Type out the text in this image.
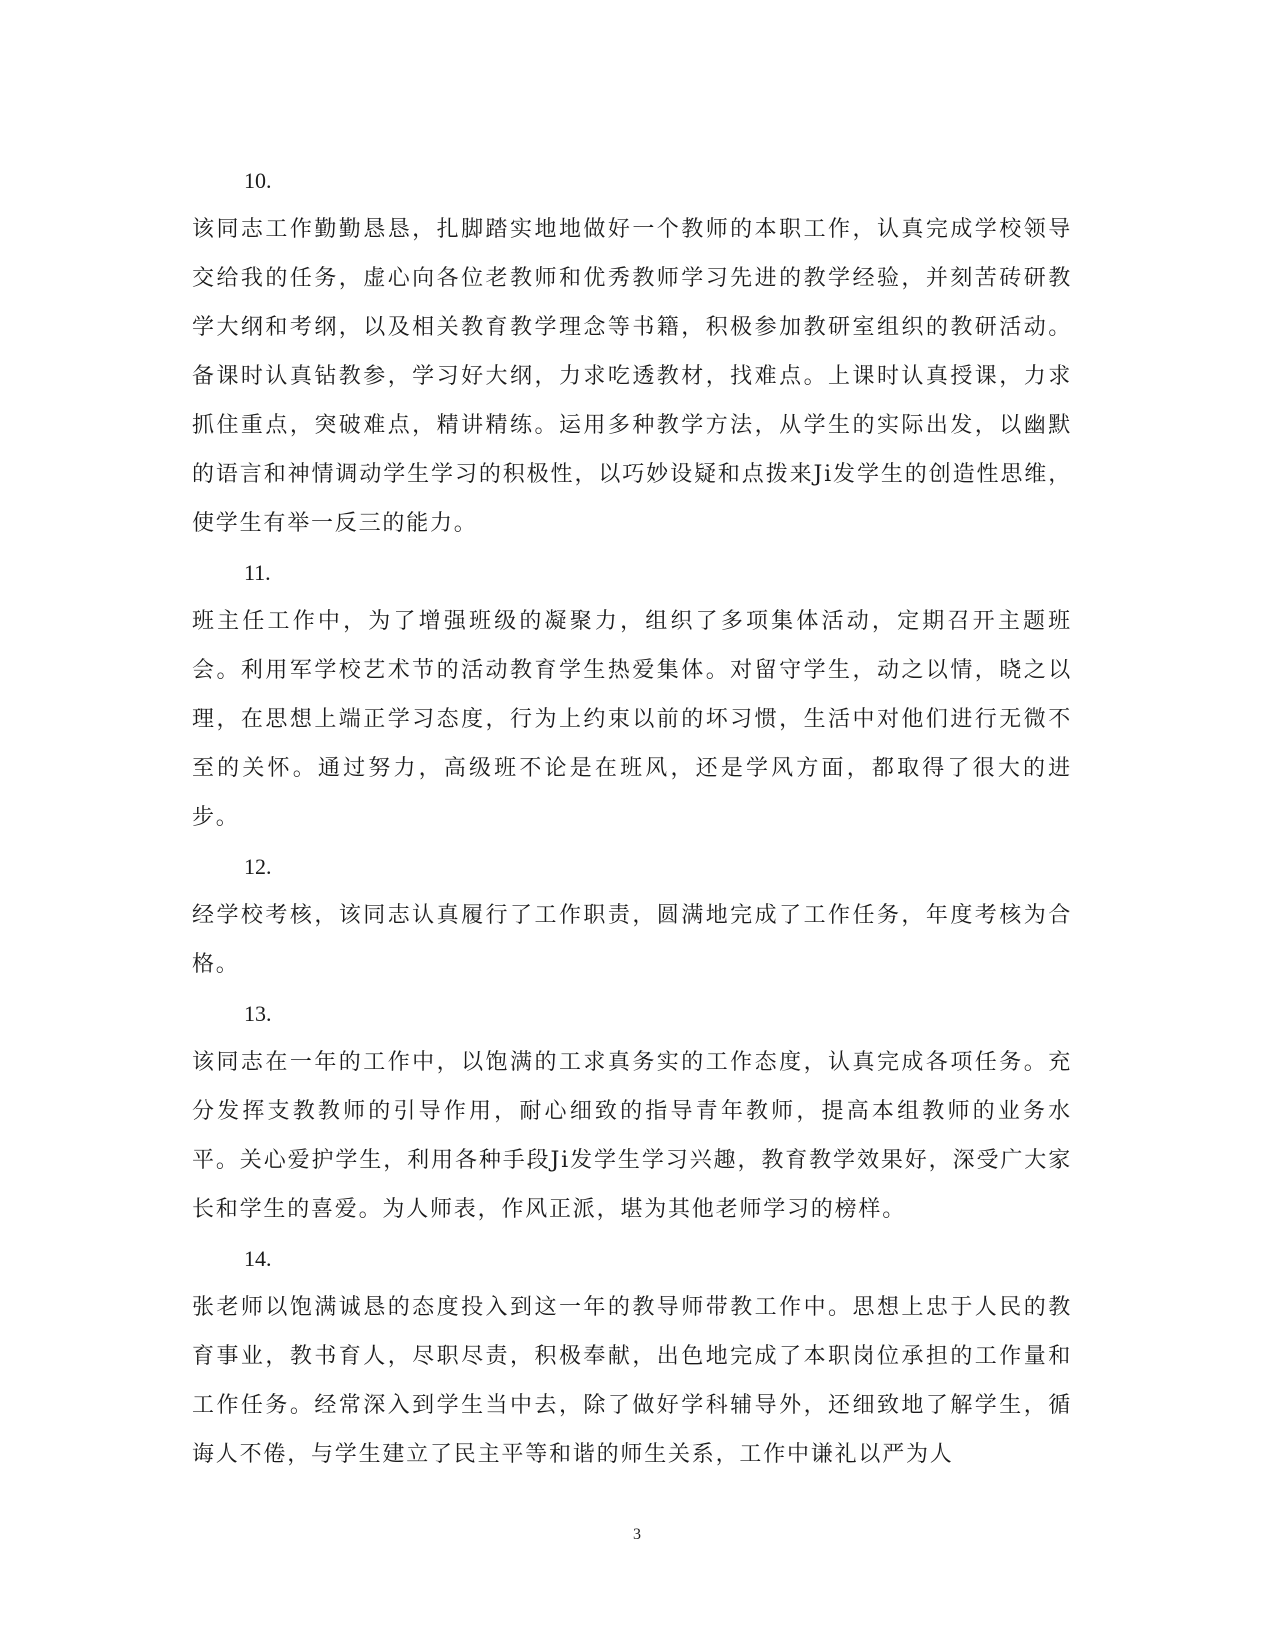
10.

该同志工作勤勤恳恳，扎脚踏实地地做好一个教师的本职工作，认真完成学校领导交给我的任务，虚心向各位老教师和优秀教师学习先进的教学经验，并刻苦砖研教学大纲和考纲，以及相关教育教学理念等书籍，积极参加教研室组织的教研活动。备课时认真钻教参，学习好大纲，力求吃透教材，找难点。上课时认真授课，力求抓住重点，突破难点，精讲精练。运用多种教学方法，从学生的实际出发，以幽默的语言和神情调动学生学习的积极性，以巧妙设疑和点拨来Ji发学生的创造性思维，使学生有举一反三的能力。

11.

班主任工作中，为了增强班级的凝聚力，组织了多项集体活动，定期召开主题班会。利用军学校艺术节的活动教育学生热爱集体。对留守学生，动之以情，晓之以理，在思想上端正学习态度，行为上约束以前的坏习惯，生活中对他们进行无微不至的关怀。通过努力，高级班不论是在班风，还是学风方面，都取得了很大的进步。

12.

经学校考核，该同志认真履行了工作职责，圆满地完成了工作任务，年度考核为合格。

13.

该同志在一年的工作中，以饱满的工求真务实的工作态度，认真完成各项任务。充分发挥支教教师的引导作用，耐心细致的指导青年教师，提高本组教师的业务水平。关心爱护学生，利用各种手段Ji发学生学习兴趣，教育教学效果好，深受广大家长和学生的喜爱。为人师表，作风正派，堪为其他老师学习的榜样。

14.

张老师以饱满诚恳的态度投入到这一年的教导师带教工作中。思想上忠于人民的教育事业，教书育人，尽职尽责，积极奉献，出色地完成了本职岗位承担的工作量和工作任务。经常深入到学生当中去，除了做好学科辅导外，还细致地了解学生，循诲人不倦，与学生建立了民主平等和谐的师生关系，工作中谦礼以严为人

3
